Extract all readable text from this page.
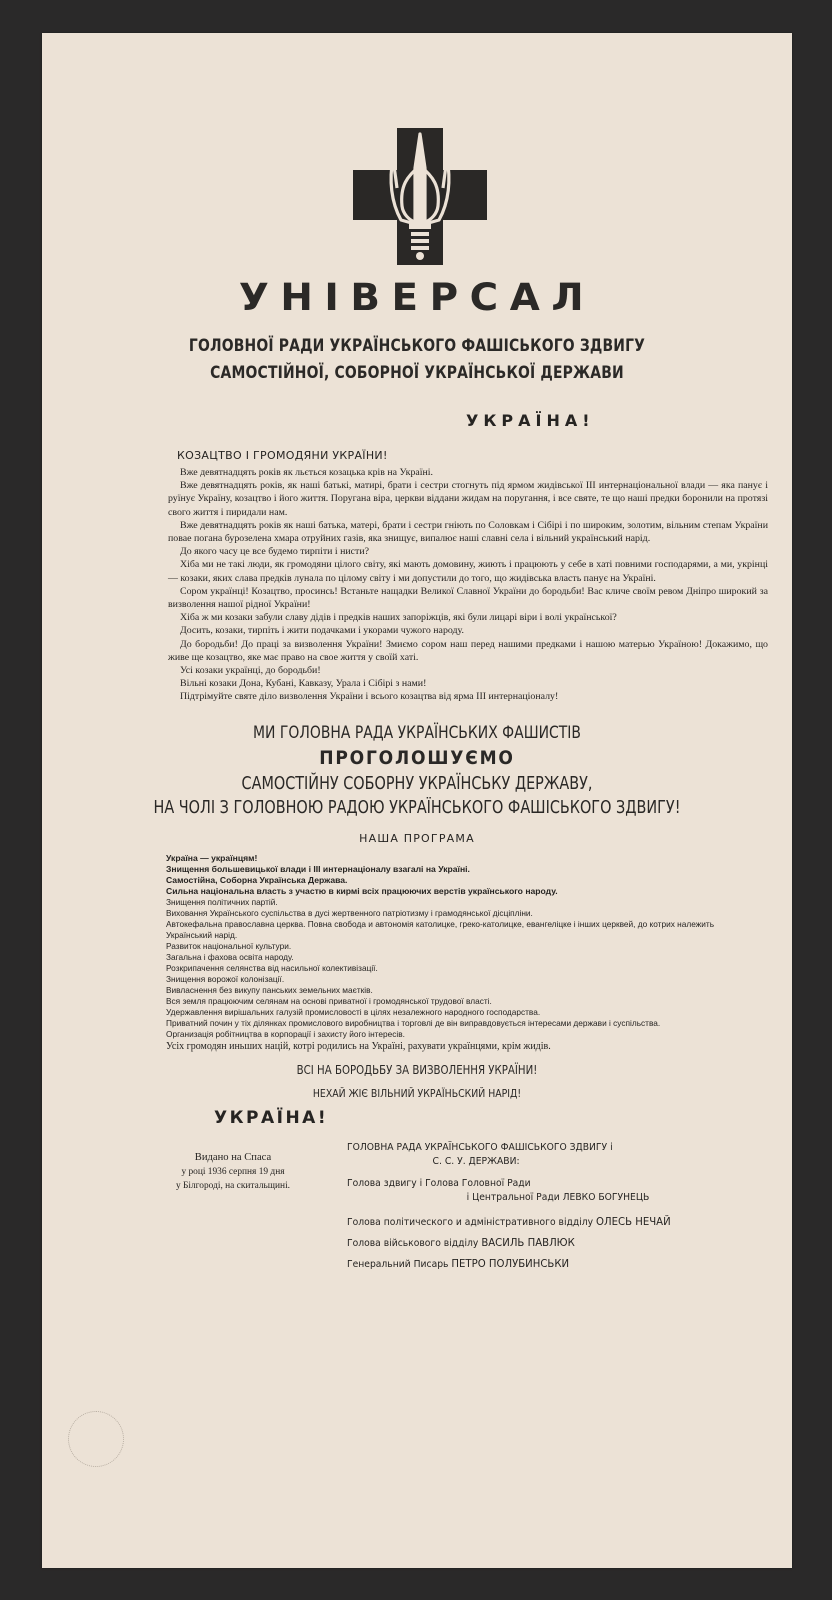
УНІВЕРСАЛ
ГОЛОВНОЇ РАДИ УКРАЇНСЬКОГО ФАШІСЬКОГО ЗДВИГУ
САМОСТІЙНОЇ, СОБОРНОЇ УКРАЇНСЬКОЇ ДЕРЖАВИ
УКРАЇНА!
КОЗАЦТВО І ГРОМОДЯНИ УКРАЇНИ!

Вже девятнадцять років як льється козацька крів на Україні.

Вже девятнадцять років, як наші батькі, матирі, брати і сестри стогнуть під ярмом жидівської ІІІ интернаціональної влади — яка панує і руїнує Україну, козацтво і його життя. Поругана віра, церкви віддани жидам на поругання, і все святе, те що наші предки боронили на протязі свого життя і пиридали нам.

Вже девятнадцять років як наші батька, матері, брати і сестри гніють по Соловкам і Сібірі і по широким, золотим, вільним степам України повае погана бурозелена хмара отруйних газів, яка знищує, випалює наші славні села і вільний український нарід.

До якого часу це все будемо тирпіти і нисти?

Хіба ми не такі люди, як громодяни цілого світу, які мають домовину, жиють і працюють у себе в хаті повними господарями, а ми, укрінці — козаки, яких слава предків лунала по цілому світу і ми допустили до того, що жидівська власть панує на Україні.

Сором українці! Козацтво, просинсь! Встаньте нащадки Великої Славної України до бородьби! Вас кличе своїм ревом Дніпро широкий за визволення нашої рідної України!

Хіба ж ми козаки забули славу дідів і предків наших запоріжців, які були лицарі віри і волі української?

Досить, козаки, тирпіть і жити подачками і укорами чужого народу.

До бородьби! До праці за визволення України! Змиємо сором наш перед нашими предками і нашою матерью Україною! Докажимо, що живе ще козацтво, яке має право на свое життя у своїй хаті.

Усі козаки українці, до бородьби!

Вільні козаки Дона, Кубані, Кавказу, Урала і Сібірі з нами!

Підтрімуйте святе діло визволення України і всього козацтва від ярма ІІІ интернаціоналу!

МИ ГОЛОВНА РАДА УКРАЇНСЬКИХ ФАШИСТІВ
ПРОГОЛОШУЄМО
САМОСТІЙНУ СОБОРНУ УКРАЇНСЬКУ ДЕРЖАВУ,
НА ЧОЛІ З ГОЛОВНОЮ РАДОЮ УКРАЇНСЬКОГО ФАШІСЬКОГО ЗДВИГУ!
НАША ПРОГРАМА
Україна — українцям!
Знищення большевицької влади і ІІІ интернаціоналу взагалі на Україні.
Самостійна, Соборна Українська Держава.
Сильна національна власть з участю в кирмі всіх працюючих верстів українського народу.
Знищення політичних партій.
Виховання Українського суспільства в дусі жертвенного патріотизму і грамодянської дісціпліни.
Автокефальна православна церква. Повна свобода и автономія католицке, греко-католицке, евангеліцке і інших церквей, до котрих належить Український нарід.
Развиток національної культури.
Загальна і фахова освіта народу.
Розкрипачення селянства від насильної колективізації.
Знищення ворожої колонізації.
Вивласнення без викупу панських земельних маєтків.
Вся земля працюючим селянам на основі приватної і громодянської трудової власті.
Удержавлення вирішальних галузій промисловості в цілях незалежного народного господарства.
Приватний почин у тіх ділянках промислового виробництва і торговлі де він виправдовується інтересами держави і суспільства.
Организація робітництва в корпорації і захисту його інтересів.
Усіх громодян иньших націй, котрі родились на Україні, рахувати українцями, крім жидів.
ВСІ НА БОРОДЬБУ ЗА ВИЗВОЛЕННЯ УКРАЇНИ!
НЕХАЙ ЖІЄ ВІЛЬНИЙ УКРАЇНЬСКИЙ НАРІД!
УКРАЇНА!
Видано на Спаса
у році 1936 серпня 19 дня
у Білгороді, на скитальщині.
ГОЛОВНА РАДА УКРАЇНСЬКОГО ФАШІСЬКОГО ЗДВИГУ і
С. С. У. ДЕРЖАВИ:
Голова здвигу і Голова Головної Ради
і Центральної Ради ЛЕВКО БОГУНЕЦЬ
Голова політического и адміністративного відділу ОЛЕСЬ НЕЧАЙ
Голова військового відділу ВАСИЛЬ ПАВЛЮК
Генеральний Писарь ПЕТРО ПОЛУБИНСЬКИ
